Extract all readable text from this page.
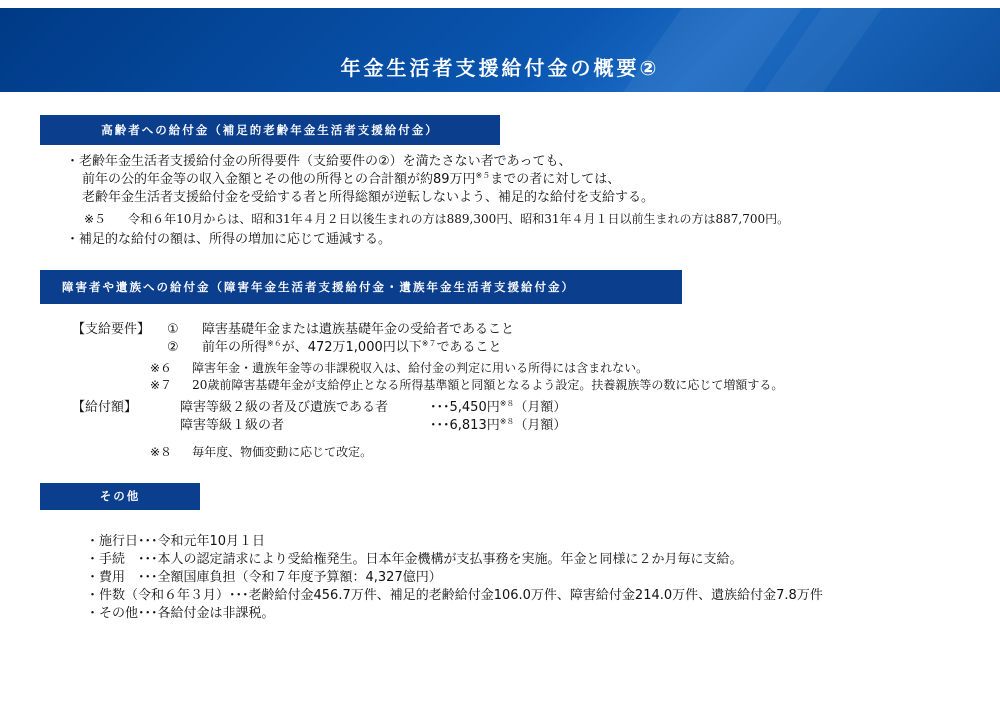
年金生活者支援給付金の概要②
高齢者への給付金（補足的老齢年金生活者支援給付金）
・老齢年金生活者支援給付金の所得要件（支給要件の②）を満たさない者であっても、
前年の公的年金等の収入金額とその他の所得との合計額が約89万円$^{※5}$までの者に対しては、
老齢年金生活者支援給付金を受給する者と所得総額が逆転しないよう、補足的な給付を支給する。
※５ 令和６年10月からは、昭和31年４月２日以後生まれの方は889,300円、昭和31年４月１日以前生まれの方は887,700円。
・補足的な給付の額は、所得の増加に応じて逓減する。
障害者や遺族への給付金（障害年金生活者支援給付金・遺族年金生活者支援給付金）
【支給要件】 ① 障害基礎年金または遺族基礎年金の受給者であること
② 前年の所得$^{※6}$が、472万1,000円以下$^{※7}$であること
※６ 障害年金・遺族年金等の非課税収入は、給付金の判定に用いる所得には含まれない。
※７ 20歳前障害基礎年金が支給停止となる所得基準額と同額となるよう設定。扶養親族等の数に応じて増額する。
【給付額】	障害等級２級の者及び遺族である者	･･･5,450円$^{※8}$（月額）
障害等級１級の者	･･･6,813円$^{※8}$（月額）
※８ 毎年度、物価変動に応じて改定。
その他
・施行日･･･令和元年10月１日
・手続　･･･本人の認定請求により受給権発生。日本年金機構が支払事務を実施。年金と同様に２か月毎に支給。
・費用　･･･全額国庫負担（令和７年度予算額：4,327億円）
・件数（令和６年３月）･･･老齢給付金456.7万件、補足的老齢給付金106.0万件、障害給付金214.0万件、遺族給付金7.8万件
・その他･･･各給付金は非課税。
